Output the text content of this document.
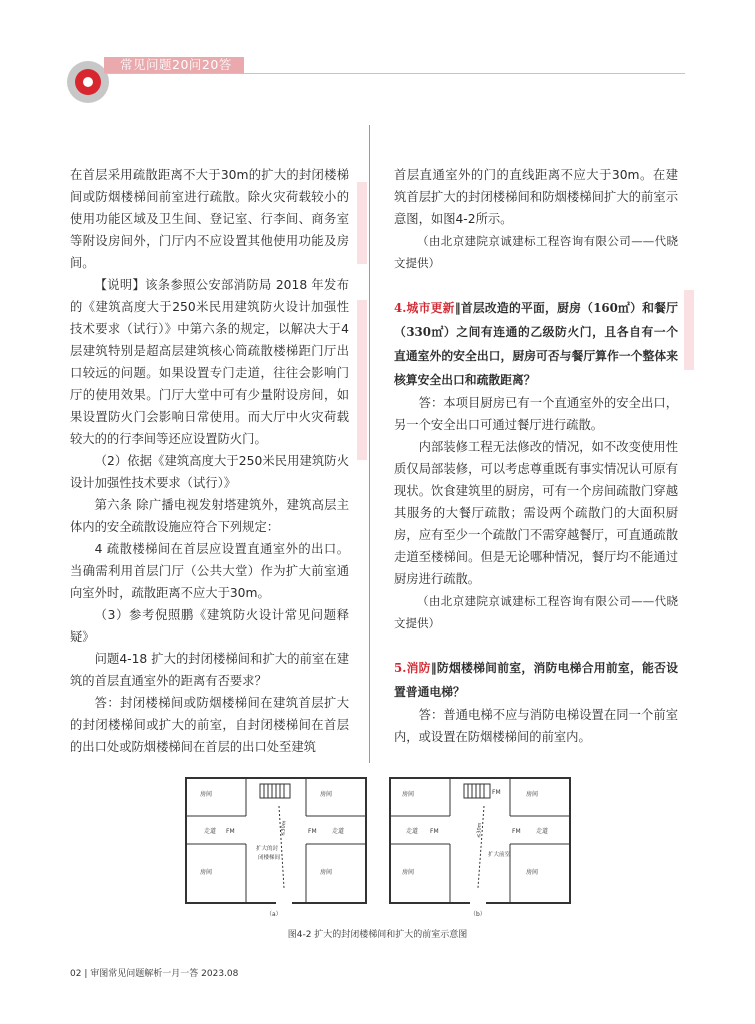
常见问题20问20答

在首层采用疏散距离不大于30m的扩大的封闭楼梯间或防烟楼梯间前室进行疏散。除火灾荷载较小的使用功能区域及卫生间、登记室、行李间、商务室等附设房间外，门厅内不应设置其他使用功能及房间。

【说明】该条参照公安部消防局 2018 年发布的《建筑高度大于250米民用建筑防火设计加强性技术要求（试行）》中第六条的规定，以解决大于4层建筑特别是超高层建筑核心筒疏散楼梯距门厅出口较远的问题。如果设置专门走道，往往会影响门厅的使用效果。门厅大堂中可有少量附设房间，如果设置防火门会影响日常使用。而大厅中火灾荷载较大的的行李间等还应设置防火门。

（2）依据《建筑高度大于250米民用建筑防火设计加强性技术要求（试行）》

第六条 除广播电视发射塔建筑外，建筑高层主体内的安全疏散设施应符合下列规定：

4 疏散楼梯间在首层应设置直通室外的出口。当确需利用首层门厅（公共大堂）作为扩大前室通向室外时，疏散距离不应大于30m。

（3）参考倪照鹏《建筑防火设计常见问题释疑》

问题4-18 扩大的封闭楼梯间和扩大的前室在建筑的首层直通室外的距离有否要求？

答：封闭楼梯间或防烟楼梯间在建筑首层扩大的封闭楼梯间或扩大的前室，自封闭楼梯间在首层的出口处或防烟楼梯间在首层的出口处至建筑

首层直通室外的门的直线距离不应大于30m。在建筑首层扩大的封闭楼梯间和防烟楼梯间扩大的前室示意图，如图4-2所示。

（由北京建院京诚建标工程咨询有限公司——代晓文提供）

4.城市更新‖首层改造的平面，厨房（160㎡）和餐厅（330㎡）之间有连通的乙级防火门，且各自有一个直通室外的安全出口，厨房可否与餐厅算作一个整体来核算安全出口和疏散距离？

答：本项目厨房已有一个直通室外的安全出口，另一个安全出口可通过餐厅进行疏散。

内部装修工程无法修改的情况，如不改变使用性质仅局部装修，可以考虑尊重既有事实情况认可原有现状。饮食建筑里的厨房，可有一个房间疏散门穿越其服务的大餐厅疏散；需设两个疏散门的大面积厨房，应有至少一个疏散门不需穿越餐厅，可直通疏散走道至楼梯间。但是无论哪种情况，餐厅均不能通过厨房进行疏散。

（由北京建院京诚建标工程咨询有限公司——代晓文提供）

5.消防‖防烟楼梯间前室，消防电梯合用前室，能否设置普通电梯？

答：普通电梯不应与消防电梯设置在同一个前室内，或设置在防烟楼梯间的前室内。

房间	房间
房间	房间
走道	走道
FM	FM
≤30m
扩大的封
闭楼梯间
（a）
房间	房间
房间	房间
走道	走道
FM	FM
FM
≤30m
扩大前室
（b）
图4-2 扩大的封闭楼梯间和扩大的前室示意图
02 | 审图常见问题解析一月一答 2023.08
